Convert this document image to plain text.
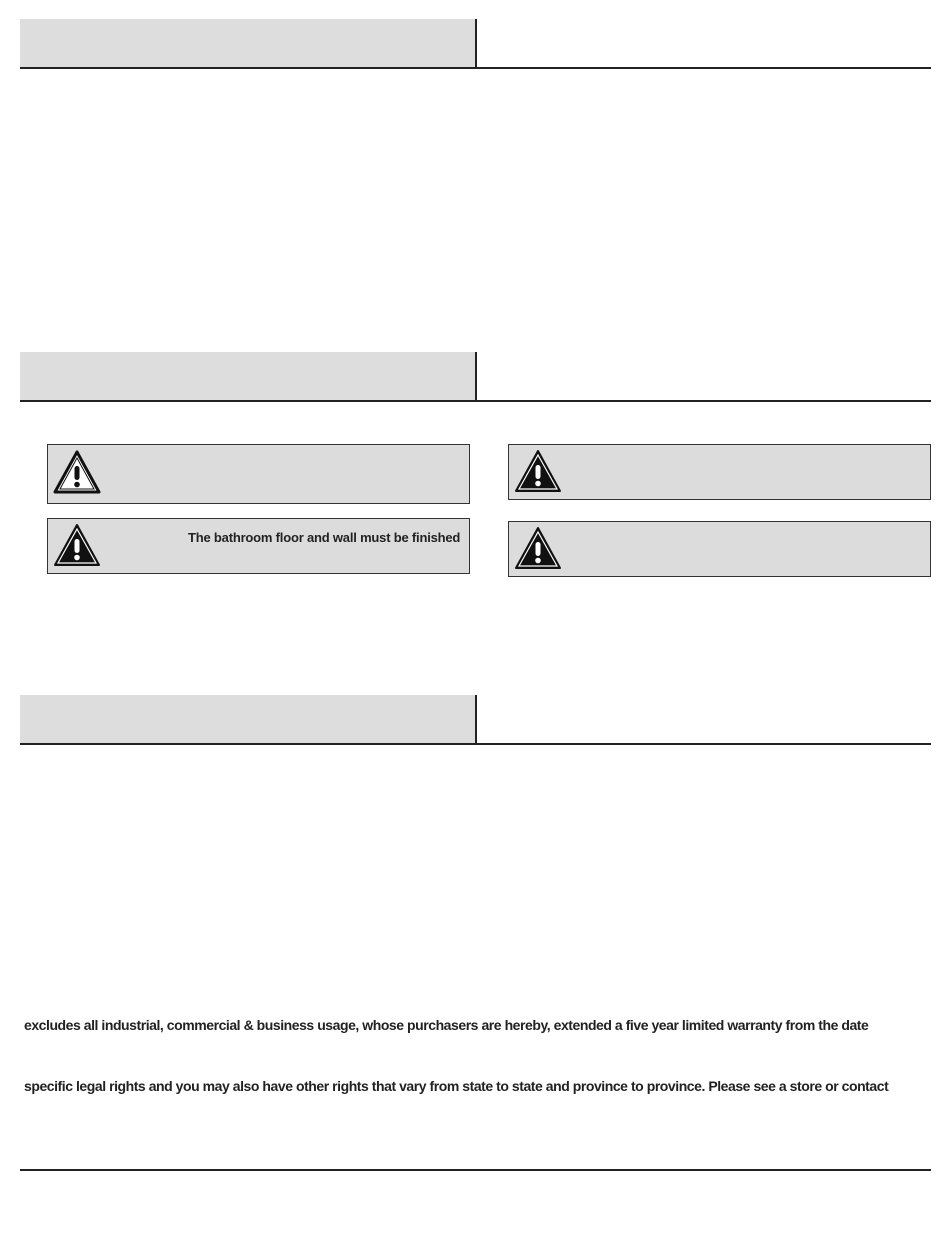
The bathroom floor and wall must be finished
excludes all industrial, commercial & business usage, whose purchasers are hereby, extended a five year limited warranty from the date
specific legal rights and you may also have other rights that vary from state to state and province to province. Please see a store or contact
